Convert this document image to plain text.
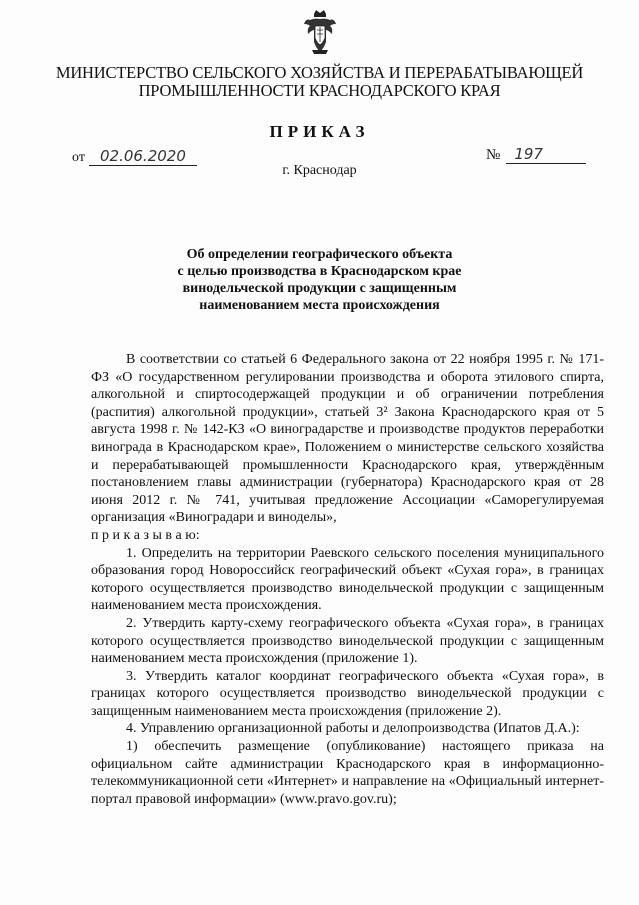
МИНИСТЕРСТВО СЕЛЬСКОГО ХОЗЯЙСТВА И ПЕРЕРАБАТЫВАЮЩЕЙ
ПРОМЫШЛЕННОСТИ КРАСНОДАРСКОГО КРАЯ
ПРИКАЗ
от	02.06.2020	№ 197
г. Краснодар
Об определении географического объекта
с целью производства в Краснодарском крае
винодельческой продукции с защищенным
наименованием места происхождения

В соответствии со статьей 6 Федерального закона от 22 ноября 1995 г. № 171-ФЗ «О государственном регулировании производства и оборота этилового спирта, алкогольной и спиртосодержащей продукции и об ограничении потребления (распития) алкогольной продукции», статьей 3² Закона Краснодарского края от 5 августа 1998 г. № 142-КЗ «О виноградарстве и производстве продуктов переработки винограда в Краснодарском крае», Положением о министерстве сельского хозяйства и перерабатывающей промышленности Краснодарского края, утверждённым постановлением главы администрации (губернатора) Краснодарского края от 28 июня 2012 г. № 741, учитывая предложение Ассоциации «Саморегулируемая организация «Виноградари и виноделы»,

п р и к а з ы в а ю:

1. Определить на территории Раевского сельского поселения муниципального образования город Новороссийск географический объект «Сухая гора», в границах которого осуществляется производство винодельческой продукции с защищенным наименованием места происхождения.

2. Утвердить карту-схему географического объекта «Сухая гора», в границах которого осуществляется производство винодельческой продукции с защищенным наименованием места происхождения (приложение 1).

3. Утвердить каталог координат географического объекта «Сухая гора», в границах которого осуществляется производство винодельческой продукции с защищенным наименованием места происхождения (приложение 2).

4. Управлению организационной работы и делопроизводства (Ипатов Д.А.):

1) обеспечить размещение (опубликование) настоящего приказа на официальном сайте администрации Краснодарского края в информационно-телекоммуникационной сети «Интернет» и направление на «Официальный интернет-портал правовой информации» (www.pravo.gov.ru);
